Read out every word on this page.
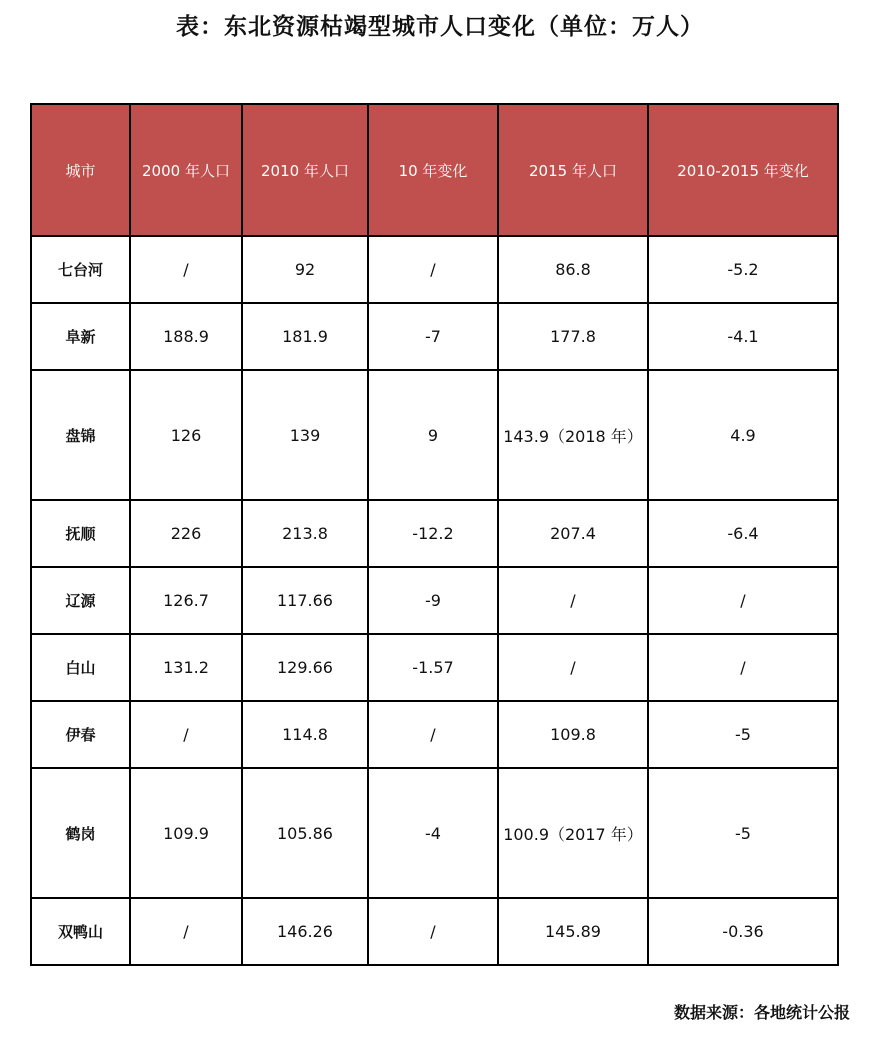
表：东北资源枯竭型城市人口变化（单位：万人）
城市	2000 年人口	2010 年人口	10 年变化	2015 年人口	2010-2015 年变化
七台河	/	92	/	86.8	-5.2
阜新	188.9	181.9	-7	177.8	-4.1
盘锦	126	139	9	143.9（2018 年）	4.9
抚顺	226	213.8	-12.2	207.4	-6.4
辽源	126.7	117.66	-9	/	/
白山	131.2	129.66	-1.57	/	/
伊春	/	114.8	/	109.8	-5
鹤岗	109.9	105.86	-4	100.9（2017 年）	-5
双鸭山	/	146.26	/	145.89	-0.36
数据来源：各地统计公报
